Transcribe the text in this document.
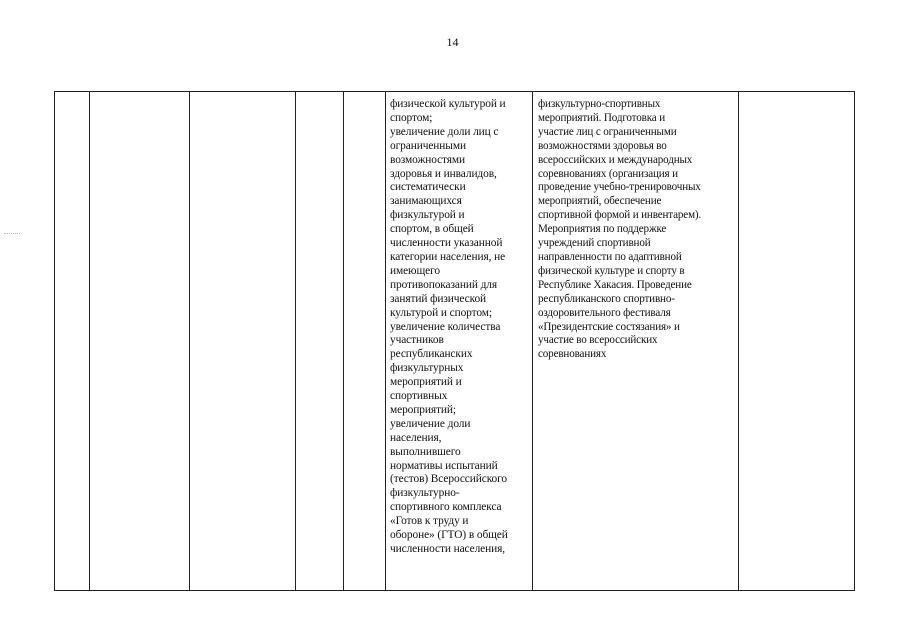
14

физической культурой и
спортом;
увеличение доли лиц с
ограниченными
возможностями
здоровья и инвалидов,
систематически
занимающихся
физкультурой и
спортом, в общей
численности указанной
категории населения, не
имеющего
противопоказаний для
занятий физической
культурой и спортом;
увеличение количества
участников
республиканских
физкультурных
мероприятий и
спортивных
мероприятий;
увеличение доли
населения,
выполнившего
нормативы испытаний
(тестов) Всероссийского
физкультурно-
спортивного комплекса
«Готов к труду и
обороне» (ГТО) в общей
численности населения,

физкультурно-спортивных
мероприятий. Подготовка и
участие лиц с ограниченными
возможностями здоровья во
всероссийских и международных
соревнованиях (организация и
проведение учебно-тренировочных
мероприятий, обеспечение
спортивной формой и инвентарем).
Мероприятия по поддержке
учреждений спортивной
направленности по адаптивной
физической культуре и спорту в
Республике Хакасия. Проведение
республиканского спортивно-
оздоровительного фестиваля
«Президентские состязания» и
участие во всероссийских
соревнованиях
